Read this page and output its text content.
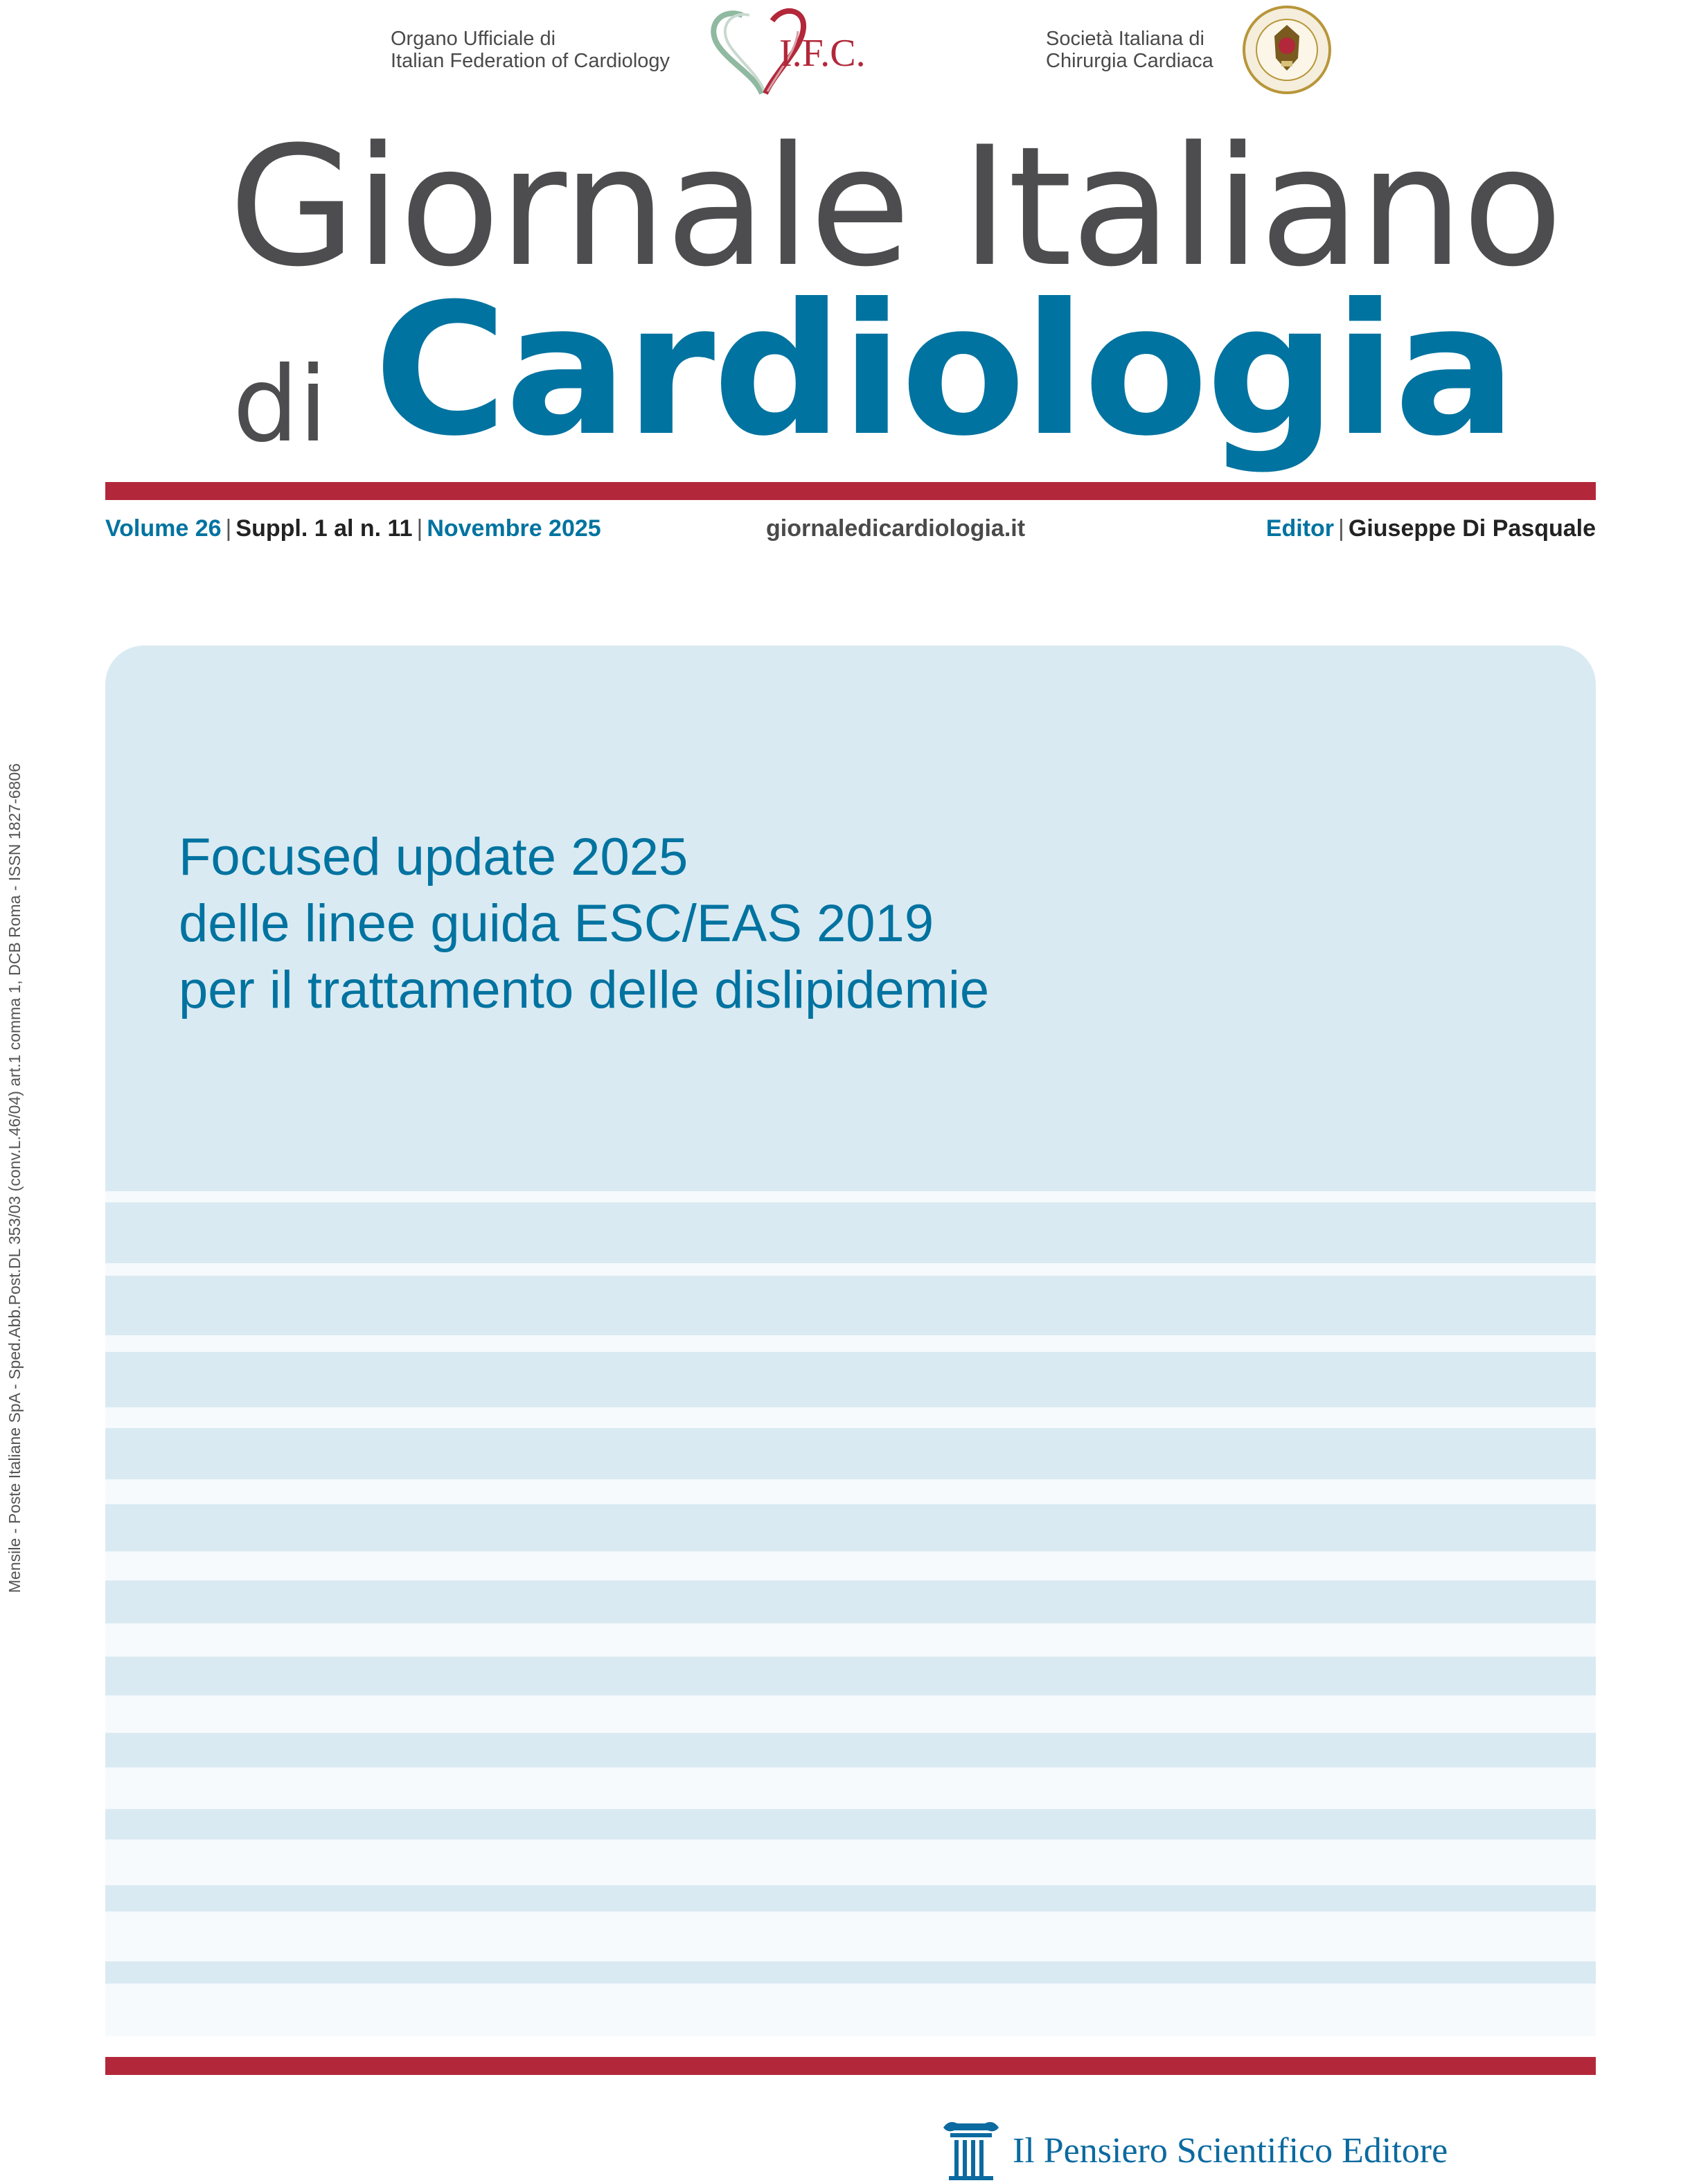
Organo Ufficiale di
Italian Federation of Cardiology	I.F.C.	Società Italiana di
Chirurgia Cardiaca
Giornale Italiano
di Cardiologia
Volume 26 | Suppl. 1 al n. 11 | Novembre 2025	giornaledicardiologia.it	Editor | Giuseppe Di Pasquale
Mensile - Poste Italiane SpA - Sped.Abb.Post.DL 353/03 (conv.L.46/04) art.1 comma 1, DCB Roma - ISSN 1827-6806	Focused update 2025
delle linee guida ESC/EAS 2019
per il trattamento delle dislipidemie
Il Pensiero Scientifico Editore
